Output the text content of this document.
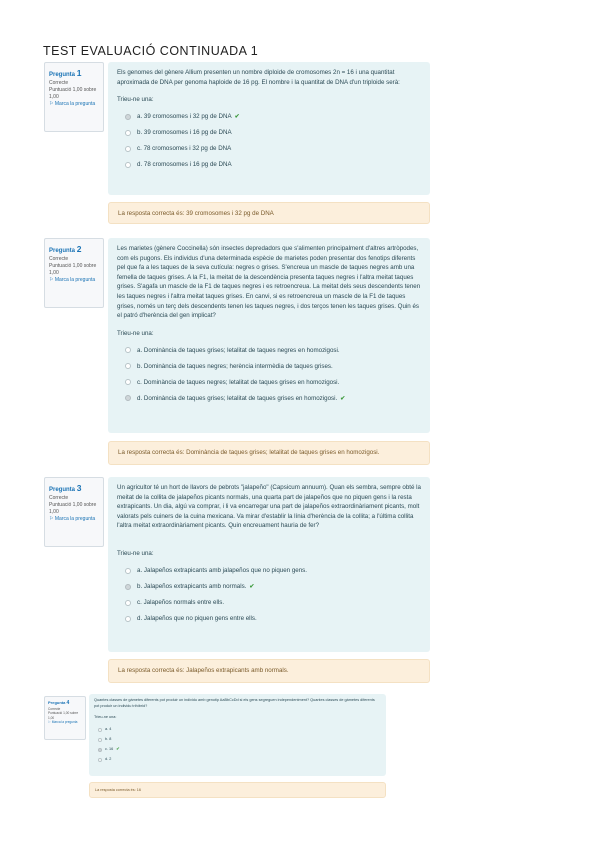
TEST EVALUACIÓ CONTINUADA 1
Pregunta 1
Correcte
Puntuació 1,00 sobre 1,00
⚐ Marca la pregunta

Els genomes del gènere Allium presenten un nombre diploide de cromosomes 2n = 16 i una quantitat aproximada de DNA per genoma haploide de 16 pg. El nombre i la quantitat de DNA d'un triploide serà:

Trieu-ne una:
a.
39 cromosomes i 32 pg de DNA ✔
b.
39 cromosomes i 16 pg de DNA
c.
78 cromosomes i 32 pg de DNA
d.
78 cromosomes i 16 pg de DNA
La resposta correcta és: 39 cromosomes i 32 pg de DNA
Pregunta 2
Correcte
Puntuació 1,00 sobre 1,00
⚐ Marca la pregunta

Les marietes (gènere Coccinella) són insectes depredadors que s'alimenten principalment d'altres artròpodes, com els pugons. Els individus d'una determinada espècie de marietes poden presentar dos fenotips diferents pel que fa a les taques de la seva cutícula: negres o grises. S'encreua un mascle de taques negres amb una femella de taques grises. A la F1, la meitat de la descendència presenta taques negres i l'altra meitat taques grises. S'agafa un mascle de la F1 de taques negres i es retroencreua. La meitat dels seus descendents tenen les taques negres i l'altra meitat taques grises. En canvi, si es retroencreua un mascle de la F1 de taques grises, només un terç dels descendents tenen les taques negres, i dos terços tenen les taques grises. Quin és el patró d'herència del gen implicat?

Trieu-ne una:
a.
Dominància de taques grises; letalitat de taques negres en homozigosi.
b.
Dominància de taques negres; herència intermèdia de taques grises.
c.
Dominància de taques negres; letalitat de taques grises en homozigosi.
d.
Dominància de taques grises; letalitat de taques grises en homozigosi. ✔
La resposta correcta és: Dominància de taques grises; letalitat de taques grises en homozigosi.
Pregunta 3
Correcte
Puntuació 1,00 sobre 1,00
⚐ Marca la pregunta

Un agricultor té un hort de llavors de pebrots "jalapeño" (Capsicum annuum). Quan els sembra, sempre obté la meitat de la collita de jalapeños picants normals, una quarta part de jalapeños que no piquen gens i la resta extrapicants. Un dia, algú va comprar, i li va encarregar una part de jalapeños extraordinàriament picants, molt valorats pels cuiners de la cuina mexicana. Va mirar d'establir la línia d'herència de la collita; a l'última collita l'altra meitat extraordinàriament picants. Quin encreuament hauria de fer?

Trieu-ne una:
a.
Jalapeños extrapicants amb jalapeños que no piquen gens.
b.
Jalapeños extrapicants amb normals. ✔
c.
Jalapeños normals entre ells.
d.
Jalapeños que no piquen gens entre ells.
La resposta correcta és: Jalapeños extrapicants amb normals.
Pregunta 4
Correcte
Puntuació 1,00 sobre 1,00
⚐ Marca la pregunta

Quantes classes de gàmetes diferents pot produir un individu amb genotip AaBbCcDd si els gens segreguen independentment? Quantes classes de gàmetes diferents pot produir un individu trihíbrid?

Trieu-ne una:
a.
4
b.
8
c.
16 ✔
d.
2
La resposta correcta és: 16
